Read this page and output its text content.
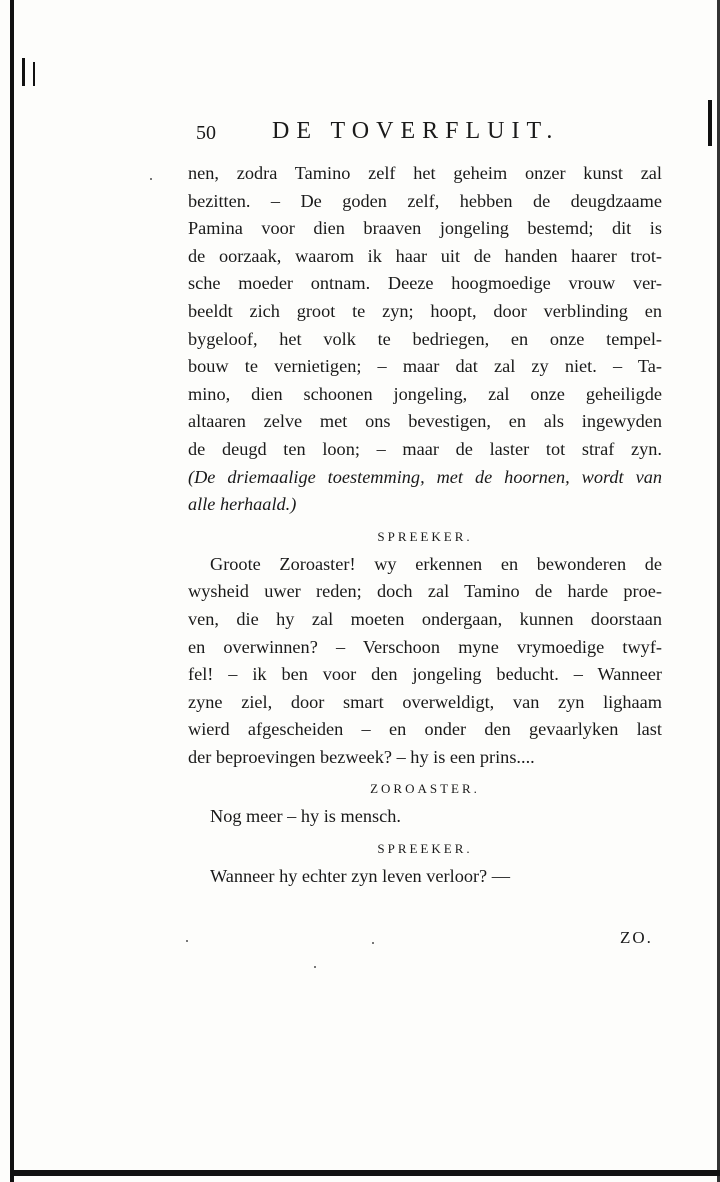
50 DE TOVERFLUIT.

nen, zodra Tamino zelf het geheim onzer kunst zal
bezitten. – De goden zelf, hebben de deugdzaame
Pamina voor dien braaven jongeling bestemd; dit is
de oorzaak, waarom ik haar uit de handen haarer trot-
sche moeder ontnam. Deeze hoogmoedige vrouw ver-
beeldt zich groot te zyn; hoopt, door verblinding en
bygeloof, het volk te bedriegen, en onze tempel-
bouw te vernietigen; – maar dat zal zy niet. – Ta-
mino, dien schoonen jongeling, zal onze geheiligde
altaaren zelve met ons bevestigen, en als ingewyden
de deugd ten loon; – maar de laster tot straf zyn.

(De driemaalige toestemming, met de hoornen, wordt van
alle herhaald.)

SPREEKER.

Groote Zoroaster! wy erkennen en bewonderen de
wysheid uwer reden; doch zal Tamino de harde proe-
ven, die hy zal moeten ondergaan, kunnen doorstaan
en overwinnen? – Verschoon myne vrymoedige twyf-
fel! – ik ben voor den jongeling beducht. – Wanneer
zyne ziel, door smart overweldigt, van zyn lighaam
wierd afgescheiden – en onder den gevaarlyken last
der beproevingen bezweek? – hy is een prins....

ZOROASTER.

Nog meer – hy is mensch.

SPREEKER.

Wanneer hy echter zyn leven verloor? —

ZO.
